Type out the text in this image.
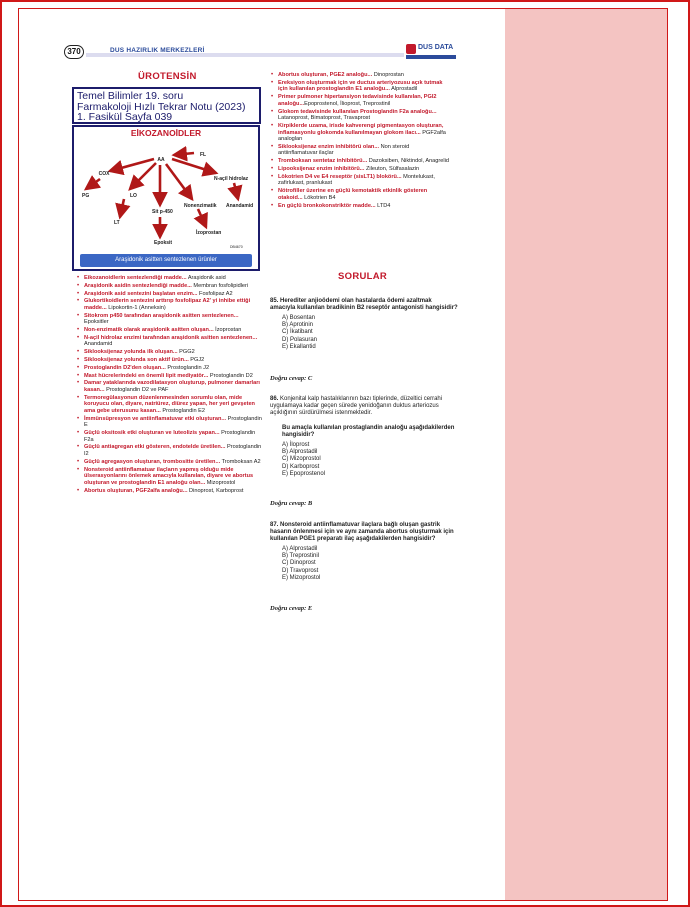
370	DUS HAZIRLIK MERKEZLERİ	DUS DATA
ÜROTENSİN
Temel Bilimler 19. soru
Farmakoloji Hızlı Tekrar Notu (2023)
1. Fasikül Sayfa 039
EİKOZANOİDLER
AA
FL
COX
LO
PG
LT
Sit p-450
Nonenzimatik
N-açil hidrolaz
Anandamid
Epoksit
İzoprostan
DB4670
Araşidonik asitten sentezlenen ürünler
• Eikozanoidlerin sentezlendiği madde... Araşidonik asid
• Araşidonik asidin sentezlendiği madde... Membran fosfolipidleri
• Araşidonik asid sentezini başlatan enzim... Fosfolipaz A2
• Glukortikoidlerin sentezini arttırıp fosfolipaz A2' yi inhibe ettiği madde... Lipokortin-1 (Anneksin)
• Sitokrom p450 tarafından araşidonik asitten sentezlenen... Epoksitler
• Non-enzimatik olarak araşidonik asitten oluşan... İzoprostan
• N-açil hidrolaz enzimi tarafından araşidonik asitten sentezlenen... Anandamid
• Siklooksijenaz yolunda ilk oluşan... PGG2
• Siklooksijenaz yolunda son aktif ürün... PGJ2
• Prostoglandin D2'den oluşan... Prostoglandin J2
• Mast hücrelerindeki en önemli lipit mediyatör... Prostoglandin D2
• Damar yataklarında vazodilatasyon oluşturup, pulmoner damarları kasan... Prostoglandin D2 ve PAF
• Termoregülasyonun düzenlenmesinden sorumlu olan, mide koruyucu olan, diyare, natriürez, diürez yapan, her yeri gevşeten ama gebe uterusunu kasan... Prostoglandin E2
• İmmünsüpresyon ve antiinflamatuvar etki oluşturan... Prostoglandin E
• Güçlü oksitosik etki oluşturan ve luteolizis yapan... Prostoglandin F2a
• Güçlü antiagregan etki gösteren, endotelde üretilen... Prostoglandin I2
• Güçlü agregasyon oluşturan, trombositte üretilen... Tromboksan A2
• Nonsteroid antiinflamatuar ilaçların yapmış olduğu mide ülserasyonlarını önlemek amacıyla kullanılan, diyare ve abortus oluşturan ve prostoglandin E1 analoğu olan... Mizoprostol
• Abortus oluşturan, PGF2alfa analoğu... Dinoprost, Karboprost
• Abortus oluşturan, PGE2 analoğu... Dinoprostan
• Ereksiyon oluşturmak için ve ductus arteriyozusu açık tutmak için kullanılan prostoglandin E1 analoğu... Alprostadil
• Primer pulmoner hipertansiyon tedavisinde kullanılan, PGI2 analoğu...Epoprostenol, İlioprost, Treprostinil
• Glokom tedavisinde kullanılan Prostoglandin F2a analoğu... Latanoprost, Bimatoprost, Travaprost
• Kirpiklerde uzama, irisde kahverengi pigmentasyon oluşturan, inflamasyonlu glokomda kullanılmayan glokom ilacı... PGF2alfa analogları
• Siklooksijenaz enzim inhibitörü olan... Non steroid antiinflamatuvar ilaçlar
• Tromboksan sentetaz inhibitörü... Dazoksiben, Niktindol, Anagrelid
• Lipooksijenaz enzim inhibitörü... Zileuton, Sülfasalazin
• Lökotrien D4 ve E4 reseptör (sisLT1) blokörü... Montelukast, zafirlukast, pranlukast
• Nötrofiller üzerine en güçlü kemotaktik etkinlik gösteren otakoid... Lökotrien B4
• En güçlü bronkokonstriktör madde... LTD4
SORULAR
85. Herediter anjioödemi olan hastalarda ödemi azaltmak amacıyla kullanılan bradikinin B2 reseptör antagonisti hangisidir?
A) Bosentan
B) Aprotinin
C) İkatibant
D) Polasuran
E) Ekallantid
Doğru cevap: C
86. Konjenital kalp hastalıklarının bazı tiplerinde, düzeltici cerrahi uygulamaya kadar geçen sürede yenidoğanın duktus arteriozus açıklığının sürdürülmesi istenmektedir.
Bu amaçla kullanılan prostaglandin analoğu aşağıdakilerden hangisidir?
A) İloprost
B) Alprostadil
C) Mizoprostol
D) Karboprost
E) Epoprostenol
Doğru cevap: B
87. Nonsteroid antiinflamatuvar ilaçlara bağlı oluşan gastrik hasarın önlenmesi için ve aynı zamanda abortus oluşturmak için kullanılan PGE1 preparatı ilaç aşağıdakilerden hangisidir?
A) Alprostadil
B) Treprostinil
C) Dinoprost
D) Travoprost
E) Mizoprostol
Doğru cevap: E
